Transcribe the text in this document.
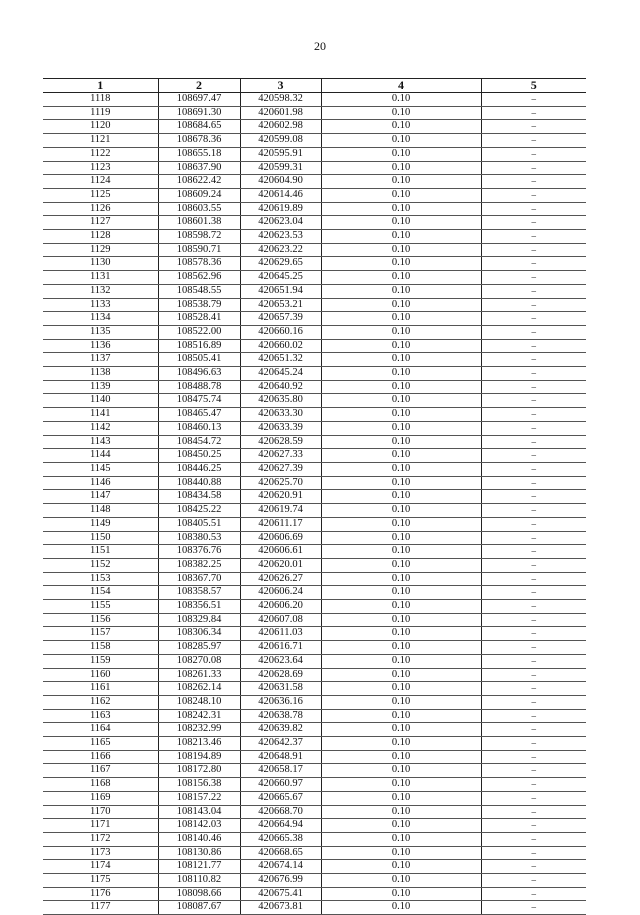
20
1	2	3	4	5
1118	108697.47	420598.32	0.10	–
1119	108691.30	420601.98	0.10	–
1120	108684.65	420602.98	0.10	–
1121	108678.36	420599.08	0.10	–
1122	108655.18	420595.91	0.10	–
1123	108637.90	420599.31	0.10	–
1124	108622.42	420604.90	0.10	–
1125	108609.24	420614.46	0.10	–
1126	108603.55	420619.89	0.10	–
1127	108601.38	420623.04	0.10	–
1128	108598.72	420623.53	0.10	–
1129	108590.71	420623.22	0.10	–
1130	108578.36	420629.65	0.10	–
1131	108562.96	420645.25	0.10	–
1132	108548.55	420651.94	0.10	–
1133	108538.79	420653.21	0.10	–
1134	108528.41	420657.39	0.10	–
1135	108522.00	420660.16	0.10	–
1136	108516.89	420660.02	0.10	–
1137	108505.41	420651.32	0.10	–
1138	108496.63	420645.24	0.10	–
1139	108488.78	420640.92	0.10	–
1140	108475.74	420635.80	0.10	–
1141	108465.47	420633.30	0.10	–
1142	108460.13	420633.39	0.10	–
1143	108454.72	420628.59	0.10	–
1144	108450.25	420627.33	0.10	–
1145	108446.25	420627.39	0.10	–
1146	108440.88	420625.70	0.10	–
1147	108434.58	420620.91	0.10	–
1148	108425.22	420619.74	0.10	–
1149	108405.51	420611.17	0.10	–
1150	108380.53	420606.69	0.10	–
1151	108376.76	420606.61	0.10	–
1152	108382.25	420620.01	0.10	–
1153	108367.70	420626.27	0.10	–
1154	108358.57	420606.24	0.10	–
1155	108356.51	420606.20	0.10	–
1156	108329.84	420607.08	0.10	–
1157	108306.34	420611.03	0.10	–
1158	108285.97	420616.71	0.10	–
1159	108270.08	420623.64	0.10	–
1160	108261.33	420628.69	0.10	–
1161	108262.14	420631.58	0.10	–
1162	108248.10	420636.16	0.10	–
1163	108242.31	420638.78	0.10	–
1164	108232.99	420639.82	0.10	–
1165	108213.46	420642.37	0.10	–
1166	108194.89	420648.91	0.10	–
1167	108172.80	420658.17	0.10	–
1168	108156.38	420660.97	0.10	–
1169	108157.22	420665.67	0.10	–
1170	108143.04	420668.70	0.10	–
1171	108142.03	420664.94	0.10	–
1172	108140.46	420665.38	0.10	–
1173	108130.86	420668.65	0.10	–
1174	108121.77	420674.14	0.10	–
1175	108110.82	420676.99	0.10	–
1176	108098.66	420675.41	0.10	–
1177	108087.67	420673.81	0.10	–
